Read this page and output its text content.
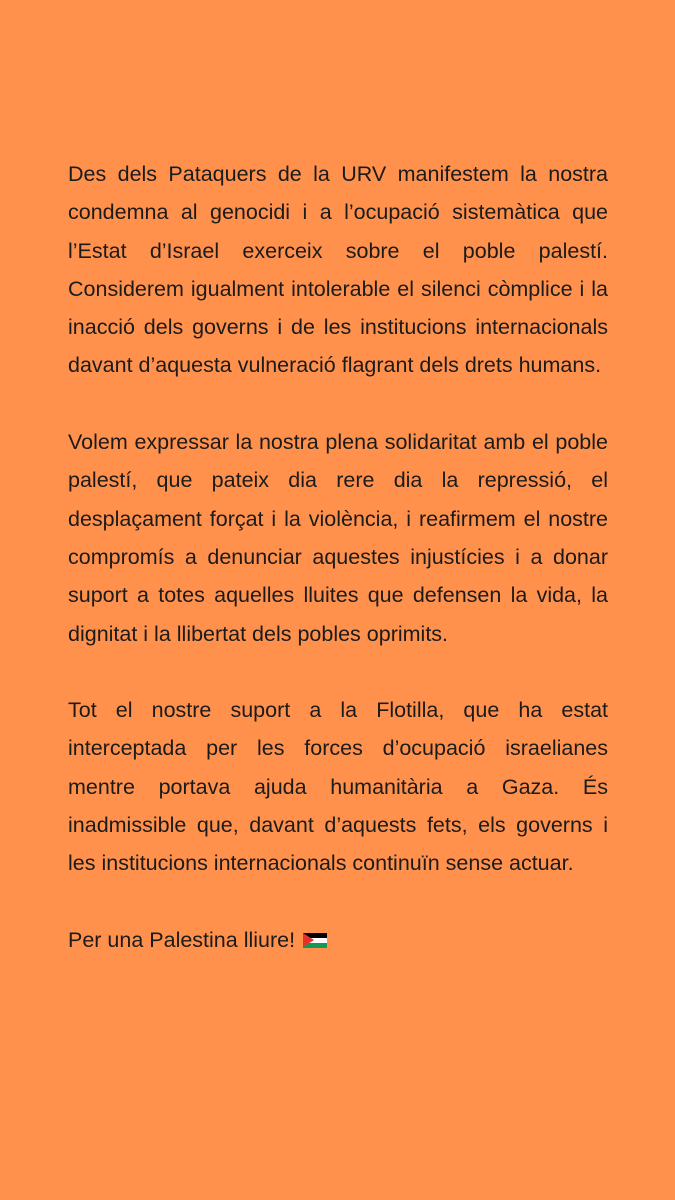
Des dels Pataquers de la URV manifestem la nostra condemna al genocidi i a l’ocupació sistemàtica que l’Estat d’Israel exerceix sobre el poble palestí. Considerem igualment intolerable el silenci còmplice i la inacció dels governs i de les institucions internacionals davant d’aquesta vulneració flagrant dels drets humans.

Volem expressar la nostra plena solidaritat amb el poble palestí, que pateix dia rere dia la repressió, el desplaçament forçat i la violència, i reafirmem el nostre compromís a denunciar aquestes injustícies i a donar suport a totes aquelles lluites que defensen la vida, la dignitat i la llibertat dels pobles oprimits.

Tot el nostre suport a la Flotilla, que ha estat interceptada per les forces d’ocupació israelianes mentre portava ajuda humanitària a Gaza. És inadmissible que, davant d’aquests fets, els governs i les institucions internacionals continuïn sense actuar.

Per una Palestina lliure!
